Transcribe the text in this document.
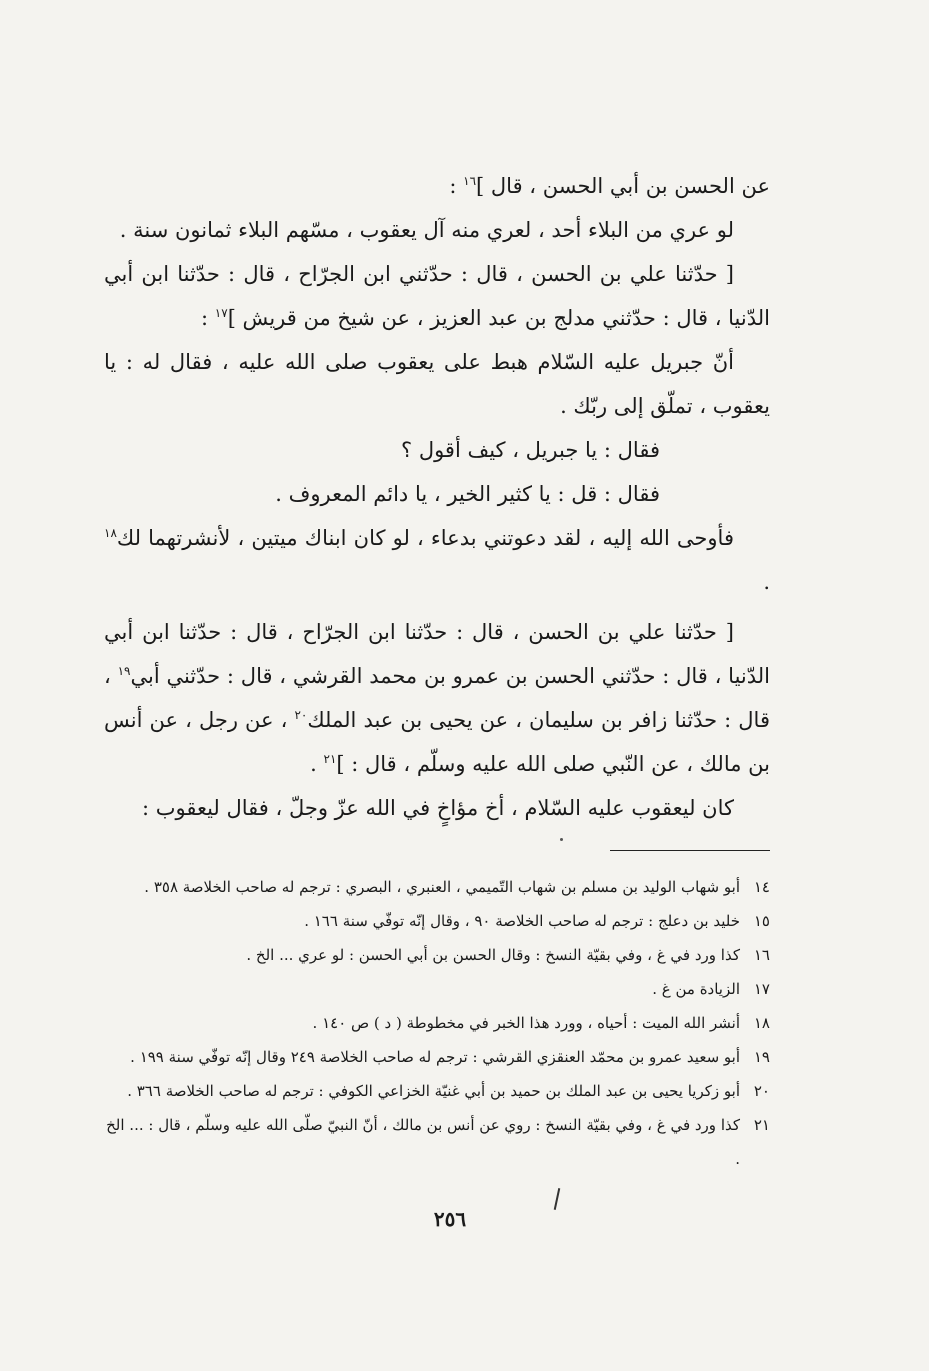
عن الحسن بن أبي الحسن ، قال ]$^{١٦}$ :

لو عري من البلاء أحد ، لعري منه آل يعقوب ، مسّهم البلاء ثمانون سنة .

[ حدّثنا علي بن الحسن ، قال : حدّثني ابن الجرّاح ، قال : حدّثنا ابن أبي الدّنيا ، قال : حدّثني مدلج بن عبد العزيز ، عن شيخ من قريش ]$^{١٧}$ :

أنّ جبريل عليه السّلام هبط على يعقوب صلى الله عليه ، فقال له : يا يعقوب ، تملّق إلى ربّك .

فقال : يا جبريل ، كيف أقول ؟

فقال : قل : يا كثير الخير ، يا دائم المعروف .

فأوحى الله إليه ، لقد دعوتني بدعاء ، لو كان ابناك ميتين ، لأنشرتهما لك$^{١٨}$ .

[ حدّثنا علي بن الحسن ، قال : حدّثنا ابن الجرّاح ، قال : حدّثنا ابن أبي الدّنيا ، قال : حدّثني الحسن بن عمرو بن محمد القرشي ، قال : حدّثني أبي$^{١٩}$ ، قال : حدّثنا زافر بن سليمان ، عن يحيى بن عبد الملك$^{٢٠}$ ، عن رجل ، عن أنس بن مالك ، عن النّبي صلى الله عليه وسلّم ، قال : ]$^{٢١}$ .

كان ليعقوب عليه السّلام ، أخ مؤاخٍ في الله عزّ وجلّ ، فقال ليعقوب :

١٤
أبو شهاب الوليد بن مسلم بن شهاب التّميمي ، العنبري ، البصري : ترجم له صاحب الخلاصة ٣٥٨ .
١٥
خليد بن دعلج : ترجم له صاحب الخلاصة ٩٠ ، وقال إنّه توفّي سنة ١٦٦ .
١٦
كذا ورد في غ ، وفي بقيّة النسخ : وقال الحسن بن أبي الحسن : لو عري ... الخ .
١٧
الزيادة من غ .
١٨
أنشر الله الميت : أحياه ، وورد هذا الخبر في مخطوطة ( د ) ص ١٤٠ .
١٩
أبو سعيد عمرو بن محمّد العنقزي القرشي : ترجم له صاحب الخلاصة ٢٤٩ وقال إنّه توفّي سنة ١٩٩ .
٢٠
أبو زكريا يحيى بن عبد الملك بن حميد بن أبي غنيّة الخزاعي الكوفي : ترجم له صاحب الخلاصة ٣٦٦ .
٢١
كذا ورد في غ ، وفي بقيّة النسخ : روي عن أنس بن مالك ، أنّ النبيّ صلّى الله عليه وسلّم ، قال : ... الخ .
٢٥٦
